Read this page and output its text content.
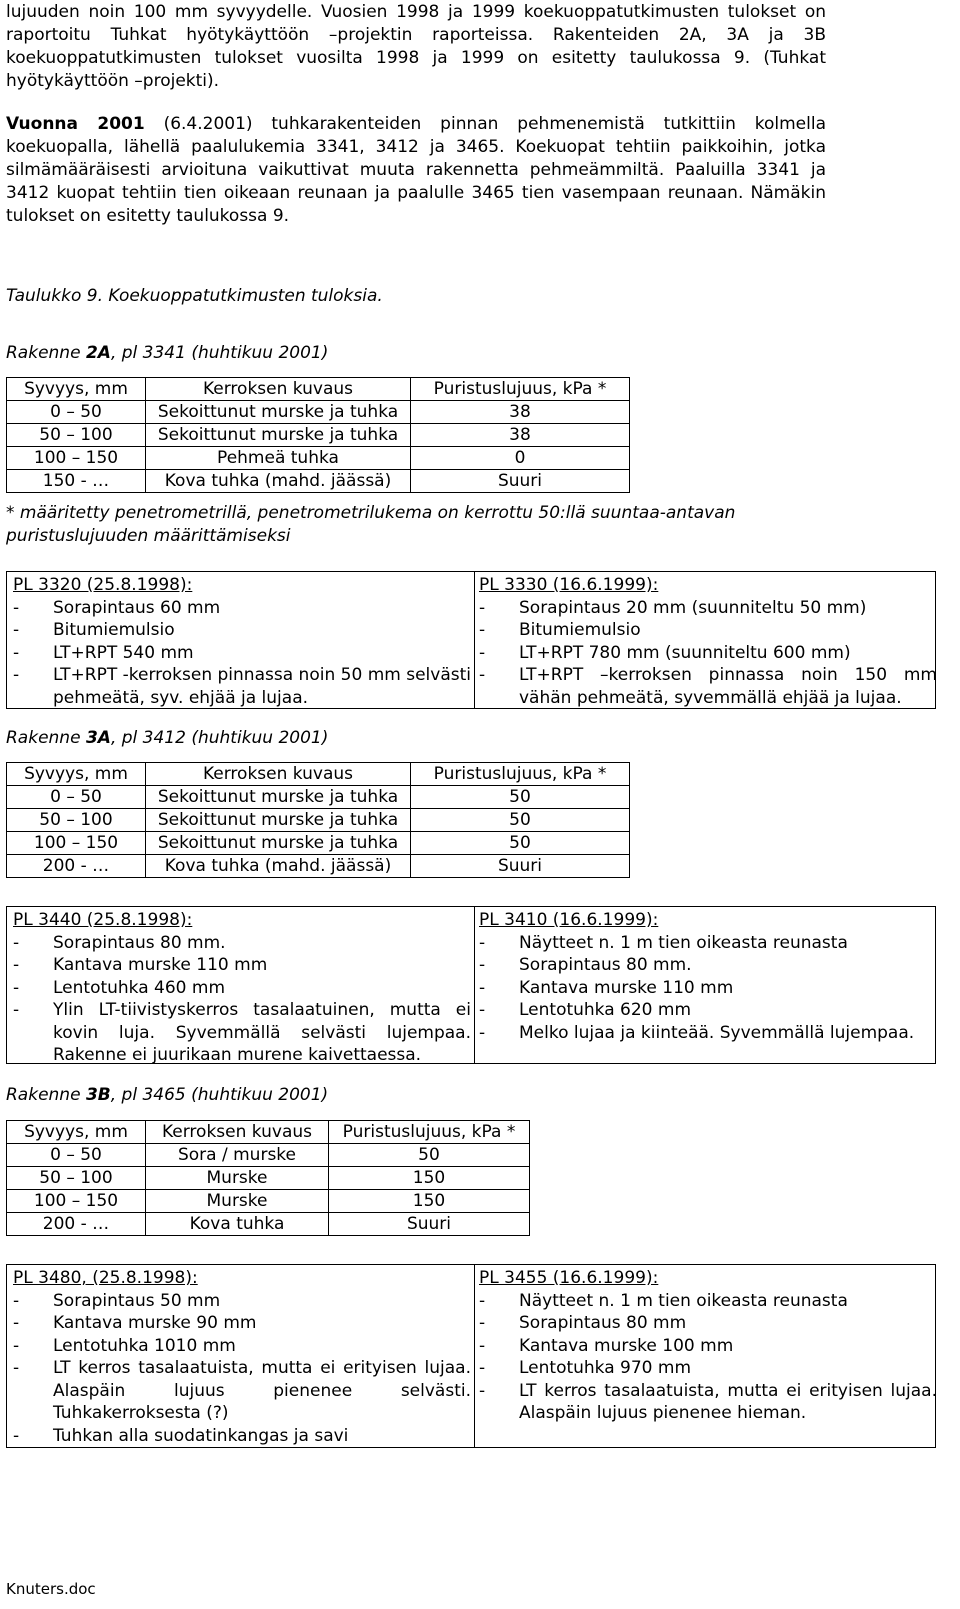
lujuuden noin 100 mm syvyydelle. Vuosien 1998 ja 1999 koekuoppatutkimusten tulokset on raportoitu Tuhkat hyötykäyttöön –projektin raporteissa. Rakenteiden 2A, 3A ja 3B koekuoppatutkimusten tulokset vuosilta 1998 ja 1999 on esitetty taulukossa 9. (Tuhkat hyötykäyttöön –projekti).

Vuonna 2001 (6.4.2001) tuhkarakenteiden pinnan pehmenemistä tutkittiin kolmella koekuopalla, lähellä paalulukemia 3341, 3412 ja 3465. Koekuopat tehtiin paikkoihin, jotka silmämääräisesti arvioituna vaikuttivat muuta rakennetta pehmeämmiltä. Paaluilla 3341 ja 3412 kuopat tehtiin tien oikeaan reunaan ja paalulle 3465 tien vasempaan reunaan. Nämäkin tulokset on esitetty taulukossa 9.

Taulukko 9. Koekuoppatutkimusten tuloksia.
Rakenne 2A, pl 3341 (huhtikuu 2001)
Syvyys, mm	Kerroksen kuvaus	Puristuslujuus, kPa *
0 – 50	Sekoittunut murske ja tuhka	38
50 – 100	Sekoittunut murske ja tuhka	38
100 – 150	Pehmeä tuhka	0
150 - …	Kova tuhka (mahd. jäässä)	Suuri
* määritetty penetrometrillä, penetrometrilukema on kerrottu 50:llä suuntaa-antavan puristuslujuuden määrittämiseksi
PL 3320 (25.8.1998):
- Sorapintaus 60 mm
- Bitumiemulsio
- LT+RPT 540 mm
- LT+RPT -kerroksen pinnassa noin 50 mm selvästi pehmeätä, syv. ehjää ja lujaa.
PL 3330 (16.6.1999):
- Sorapintaus 20 mm (suunniteltu 50 mm)
- Bitumiemulsio
- LT+RPT 780 mm (suunniteltu 600 mm)
- LT+RPT –kerroksen pinnassa noin 150 mm vähän pehmeätä, syvemmällä ehjää ja lujaa.
Rakenne 3A, pl 3412 (huhtikuu 2001)
Syvyys, mm	Kerroksen kuvaus	Puristuslujuus, kPa *
0 – 50	Sekoittunut murske ja tuhka	50
50 – 100	Sekoittunut murske ja tuhka	50
100 – 150	Sekoittunut murske ja tuhka	50
200 - …	Kova tuhka (mahd. jäässä)	Suuri
PL 3440 (25.8.1998):
- Sorapintaus 80 mm.
- Kantava murske 110 mm
- Lentotuhka 460 mm
- Ylin LT-tiivistyskerros tasalaatuinen, mutta ei kovin luja. Syvemmällä selvästi lujempaa. Rakenne ei juurikaan murene kaivettaessa.
PL 3410 (16.6.1999):
- Näytteet n. 1 m tien oikeasta reunasta
- Sorapintaus 80 mm.
- Kantava murske 110 mm
- Lentotuhka 620 mm
- Melko lujaa ja kiinteää. Syvemmällä lujempaa.
Rakenne 3B, pl 3465 (huhtikuu 2001)
Syvyys, mm	Kerroksen kuvaus	Puristuslujuus, kPa *
0 – 50	Sora / murske	50
50 – 100	Murske	150
100 – 150	Murske	150
200 - …	Kova tuhka	Suuri
PL 3480, (25.8.1998):
- Sorapintaus 50 mm
- Kantava murske 90 mm
- Lentotuhka 1010 mm
- LT kerros tasalaatuista, mutta ei erityisen lujaa. Alaspäin lujuus pienenee selvästi. Tuhkakerroksesta (?)
- Tuhkan alla suodatinkangas ja savi
PL 3455 (16.6.1999):
- Näytteet n. 1 m tien oikeasta reunasta
- Sorapintaus 80 mm
- Kantava murske 100 mm
- Lentotuhka 970 mm
- LT kerros tasalaatuista, mutta ei erityisen lujaa. Alaspäin lujuus pienenee hieman.
Knuters.doc
